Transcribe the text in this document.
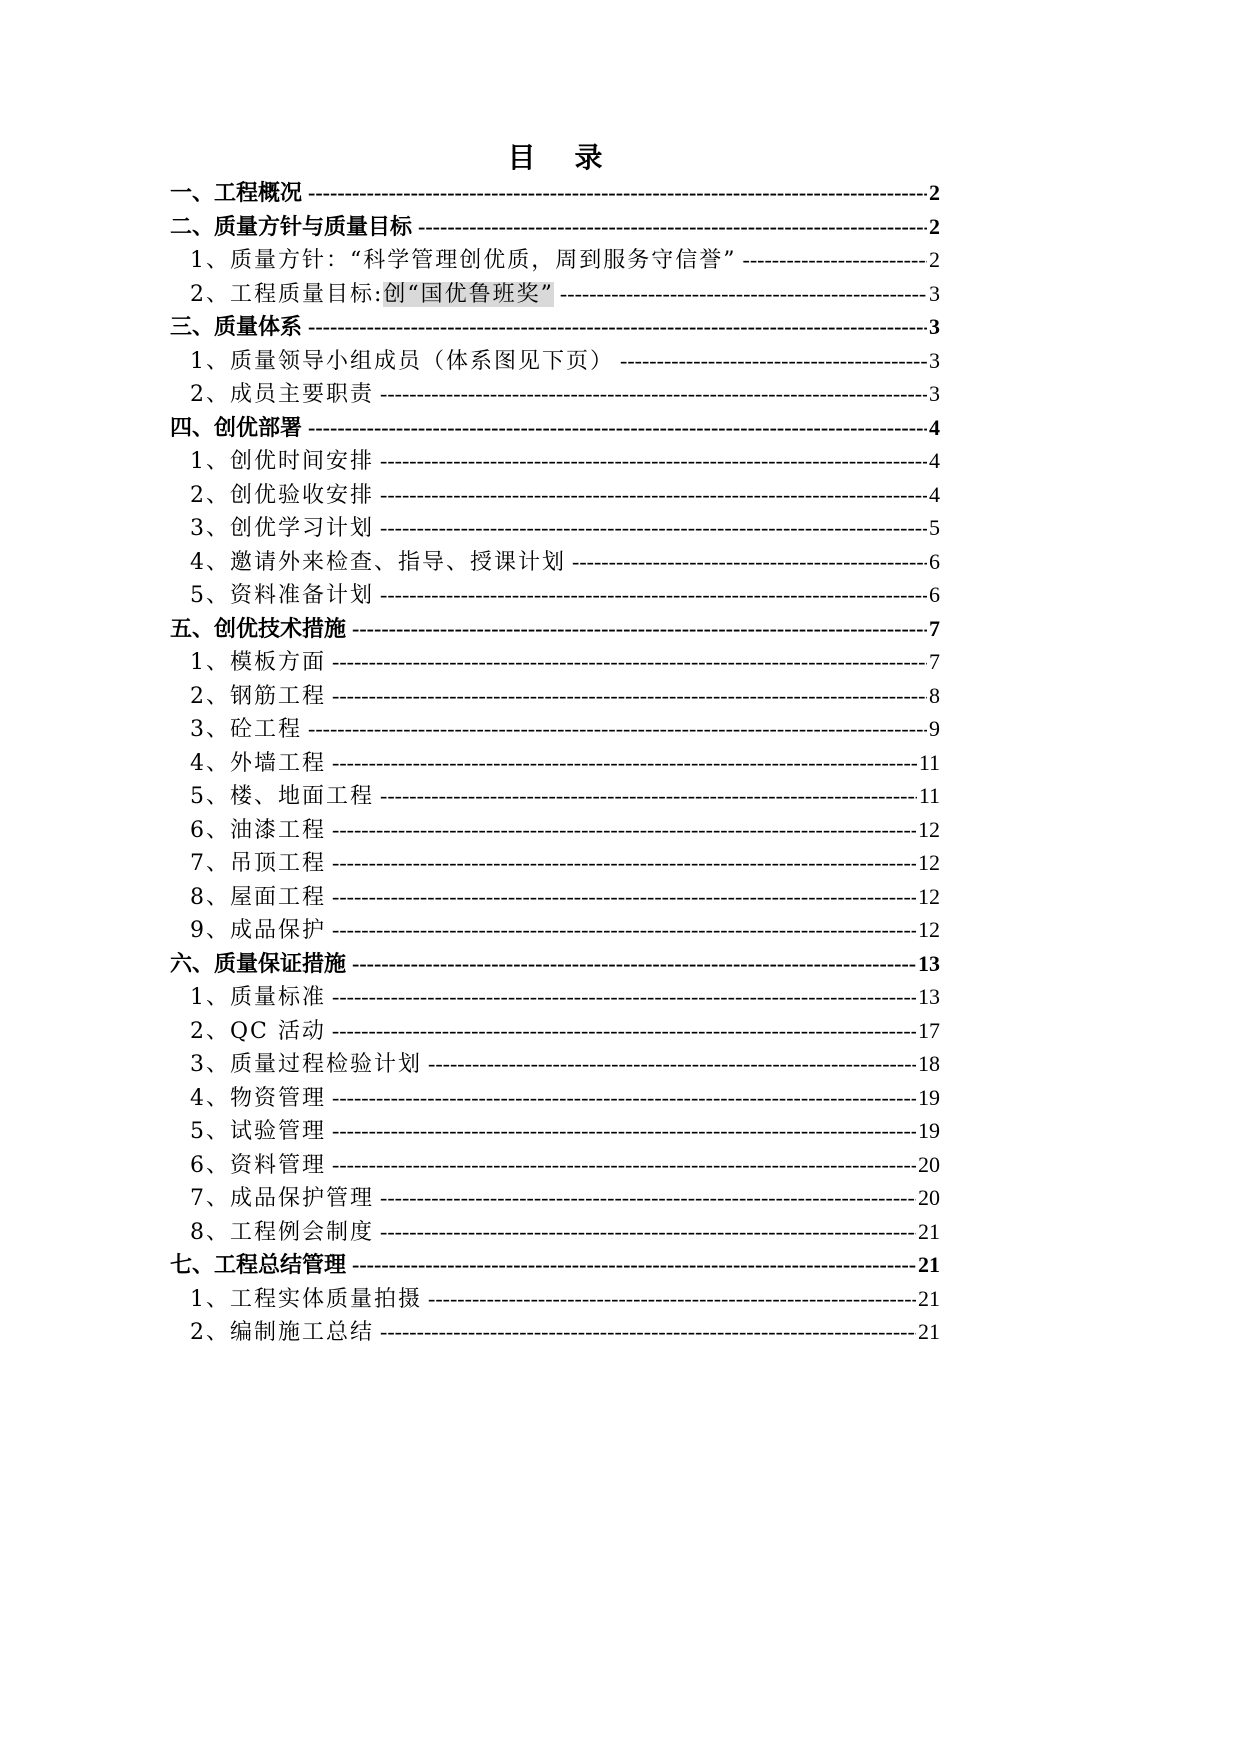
目    录
一、工程概况 -----	2
二、质量方针与质量目标 -----	2
1、质量方针：“科学管理创优质，周到服务守信誉” -----	2
2、工程质量目标:创“国优鲁班奖” -----	3
三、质量体系 -----	3
1、质量领导小组成员（体系图见下页） -----	3
2、成员主要职责 -----	3
四、创优部署 -----	4
1、创优时间安排 -----	4
2、创优验收安排 -----	4
3、创优学习计划 -----	5
4、邀请外来检查、指导、授课计划 -----	6
5、资料准备计划 -----	6
五、创优技术措施 -----	7
1、模板方面 -----	7
2、钢筋工程 -----	8
3、砼工程 -----	9
4、外墙工程 -----	11
5、楼、地面工程 -----	11
6、油漆工程 -----	12
7、吊顶工程 -----	12
8、屋面工程 -----	12
9、成品保护 -----	12
六、质量保证措施 -----	13
1、质量标准 -----	13
2、QC 活动 -----	17
3、质量过程检验计划 -----	18
4、物资管理 -----	19
5、试验管理 -----	19
6、资料管理 -----	20
7、成品保护管理 -----	20
8、工程例会制度 -----	21
七、工程总结管理 -----	21
1、工程实体质量拍摄 -----	21
2、编制施工总结 -----	21
